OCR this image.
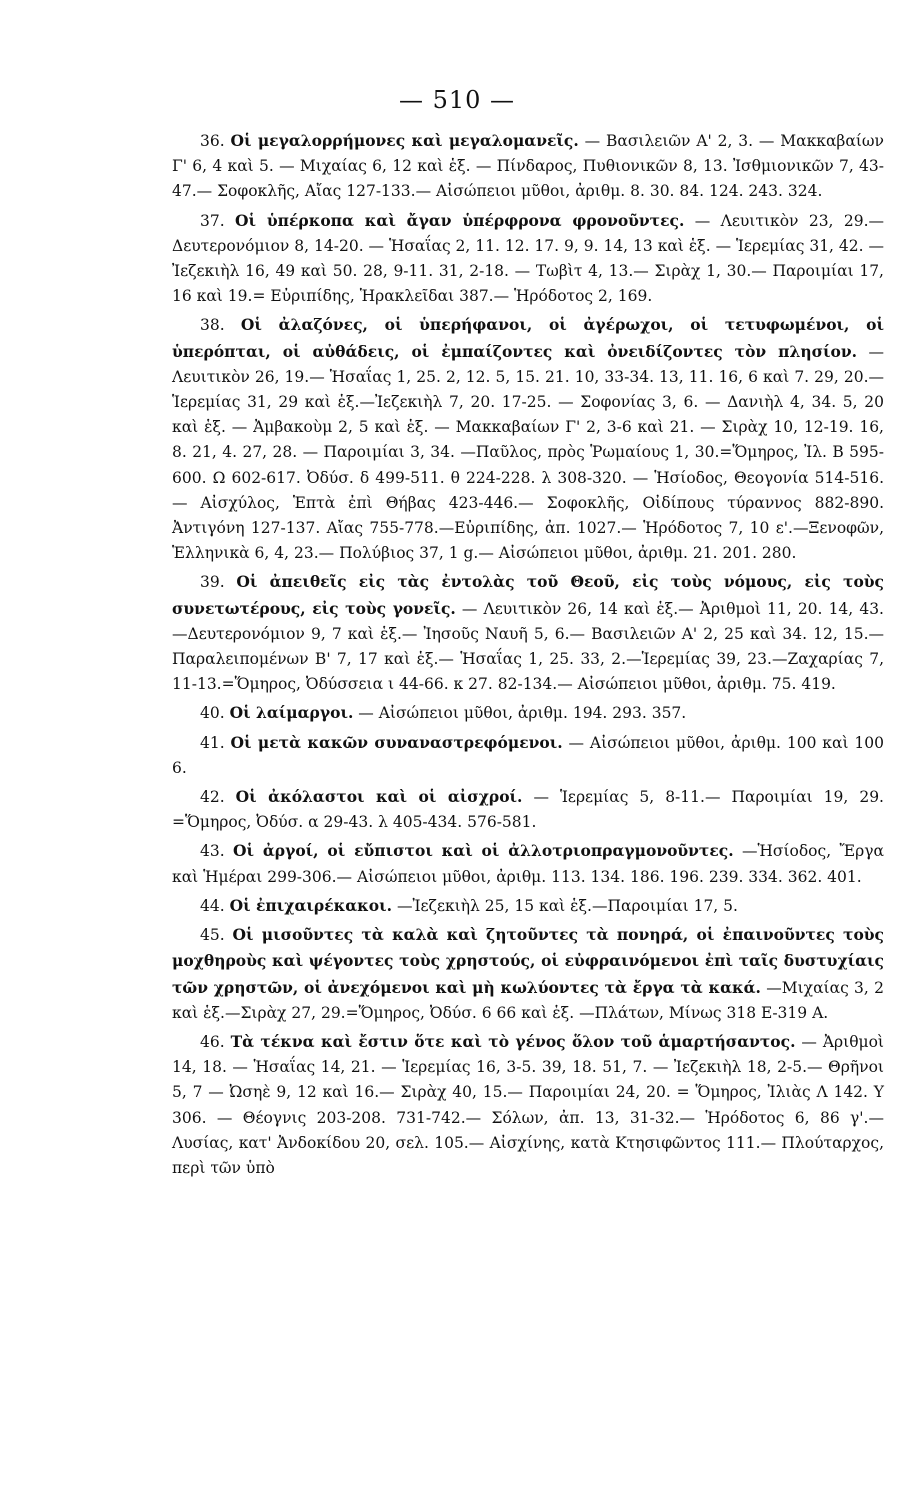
— 510 —

36. Οἱ μεγαλορρήμονες καὶ μεγαλομανεῖς. — Βασιλειῶν Α' 2, 3. — Μακκαβαίων Γ' 6, 4 καὶ 5. — Μιχαίας 6, 12 καὶ ἑξ. — Πίνδαρος, Πυθιονικῶν 8, 13. Ἰσθμιονικῶν 7, 43-47.— Σοφοκλῆς, Αἴας 127-133.— Αἰσώπειοι μῦθοι, ἀριθμ. 8. 30. 84. 124. 243. 324.

37. Οἱ ὑπέρκοπα καὶ ἄγαν ὑπέρφρονα φρονοῦντες. — Λευιτικὸν 23, 29.— Δευτερονόμιον 8, 14-20. — Ἡσαΐας 2, 11. 12. 17. 9, 9. 14, 13 καὶ ἑξ. — Ἱερεμίας 31, 42. — Ἰεζεκιὴλ 16, 49 καὶ 50. 28, 9-11. 31, 2-18. — Τωβὶτ 4, 13.— Σιρὰχ 1, 30.— Παροιμίαι 17, 16 καὶ 19.= Εὐριπίδης, Ἡρακλεῖδαι 387.— Ἡρόδοτος 2, 169.

38. Οἱ ἀλαζόνες, οἱ ὑπερήφανοι, οἱ ἀγέρωχοι, οἱ τετυφωμένοι, οἱ ὑπερόπται, οἱ αὐθάδεις, οἱ ἐμπαίζοντες καὶ ὀνειδίζοντες τὸν πλησίον. — Λευιτικὸν 26, 19.— Ἡσαΐας 1, 25. 2, 12. 5, 15. 21. 10, 33-34. 13, 11. 16, 6 καὶ 7. 29, 20.—Ἱερεμίας 31, 29 καὶ ἑξ.—Ἰεζεκιὴλ 7, 20. 17-25. — Σοφονίας 3, 6. — Δανιὴλ 4, 34. 5, 20 καὶ ἑξ. — Ἀμβακοὺμ 2, 5 καὶ ἑξ. — Μακκαβαίων Γ' 2, 3-6 καὶ 21. — Σιρὰχ 10, 12-19. 16, 8. 21, 4. 27, 28. — Παροιμίαι 3, 34. —Παῦλος, πρὸς Ῥωμαίους 1, 30.=Ὅμηρος, Ἰλ. Β 595-600. Ω 602-617. Ὀδύσ. δ 499-511. θ 224-228. λ 308-320. — Ἡσίοδος, Θεογονία 514-516.— Αἰσχύλος, Ἑπτὰ ἐπὶ Θήβας 423-446.— Σοφοκλῆς, Οἰδίπους τύραννος 882-890. Ἀντιγόνη 127-137. Αἴας 755-778.—Εὐριπίδης, ἀπ. 1027.— Ἡρόδοτος 7, 10 ε'.—Ξενοφῶν, Ἑλληνικὰ 6, 4, 23.— Πολύβιος 37, 1 g.— Αἰσώπειοι μῦθοι, ἀριθμ. 21. 201. 280.

39. Οἱ ἀπειθεῖς εἰς τὰς ἐντολὰς τοῦ Θεοῦ, εἰς τοὺς νόμους, εἰς τοὺς συνετωτέρους, εἰς τοὺς γονεῖς. — Λευιτικὸν 26, 14 καὶ ἑξ.— Ἀριθμοὶ 11, 20. 14, 43. —Δευτερονόμιον 9, 7 καὶ ἑξ.— Ἰησοῦς Ναυῆ 5, 6.— Βασιλειῶν Α' 2, 25 καὶ 34. 12, 15.— Παραλειπομένων Β' 7, 17 καὶ ἑξ.— Ἡσαΐας 1, 25. 33, 2.—Ἱερεμίας 39, 23.—Ζαχαρίας 7, 11-13.=Ὅμηρος, Ὀδύσσεια ι 44-66. κ 27. 82-134.— Αἰσώπειοι μῦθοι, ἀριθμ. 75. 419.

40. Οἱ λαίμαργοι. — Αἰσώπειοι μῦθοι, ἀριθμ. 194. 293. 357.

41. Οἱ μετὰ κακῶν συναναστρεφόμενοι. — Αἰσώπειοι μῦθοι, ἀριθμ. 100 καὶ 100 6.

42. Οἱ ἀκόλαστοι καὶ οἱ αἰσχροί. — Ἱερεμίας 5, 8-11.— Παροιμίαι 19, 29. =Ὅμηρος, Ὀδύσ. α 29-43. λ 405-434. 576-581.

43. Οἱ ἀργοί, οἱ εὔπιστοι καὶ οἱ ἀλλοτριοπραγμονοῦντες. —Ἡσίοδος, Ἔργα καὶ Ἡμέραι 299-306.— Αἰσώπειοι μῦθοι, ἀριθμ. 113. 134. 186. 196. 239. 334. 362. 401.

44. Οἱ ἐπιχαιρέκακοι. —Ἰεζεκιὴλ 25, 15 καὶ ἑξ.—Παροιμίαι 17, 5.

45. Οἱ μισοῦντες τὰ καλὰ καὶ ζητοῦντες τὰ πονηρά, οἱ ἐπαινοῦντες τοὺς μοχθηροὺς καὶ ψέγοντες τοὺς χρηστούς, οἱ εὐφραινόμενοι ἐπὶ ταῖς δυστυχίαις τῶν χρηστῶν, οἱ ἀνεχόμενοι καὶ μὴ κωλύοντες τὰ ἔργα τὰ κακά. —Μιχαίας 3, 2 καὶ ἑξ.—Σιρὰχ 27, 29.=Ὅμηρος, Ὀδύσ. 6 66 καὶ ἑξ. —Πλάτων, Μίνως 318 Ε-319 Α.

46. Τὰ τέκνα καὶ ἔστιν ὅτε καὶ τὸ γένος ὅλον τοῦ ἁμαρτήσαντος. — Ἀριθμοὶ 14, 18. — Ἡσαΐας 14, 21. — Ἱερεμίας 16, 3-5. 39, 18. 51, 7. — Ἰεζεκιὴλ 18, 2-5.— Θρῆνοι 5, 7 — Ὠσηὲ 9, 12 καὶ 16.— Σιρὰχ 40, 15.— Παροιμίαι 24, 20. = Ὅμηρος, Ἰλιὰς Λ 142. Υ 306. — Θέογνις 203-208. 731-742.— Σόλων, ἀπ. 13, 31-32.— Ἡρόδοτος 6, 86 γ'.— Λυσίας, κατ' Ἀνδοκίδου 20, σελ. 105.— Αἰσχίνης, κατὰ Κτησιφῶντος 111.— Πλούταρχος, περὶ τῶν ὑπὸ
